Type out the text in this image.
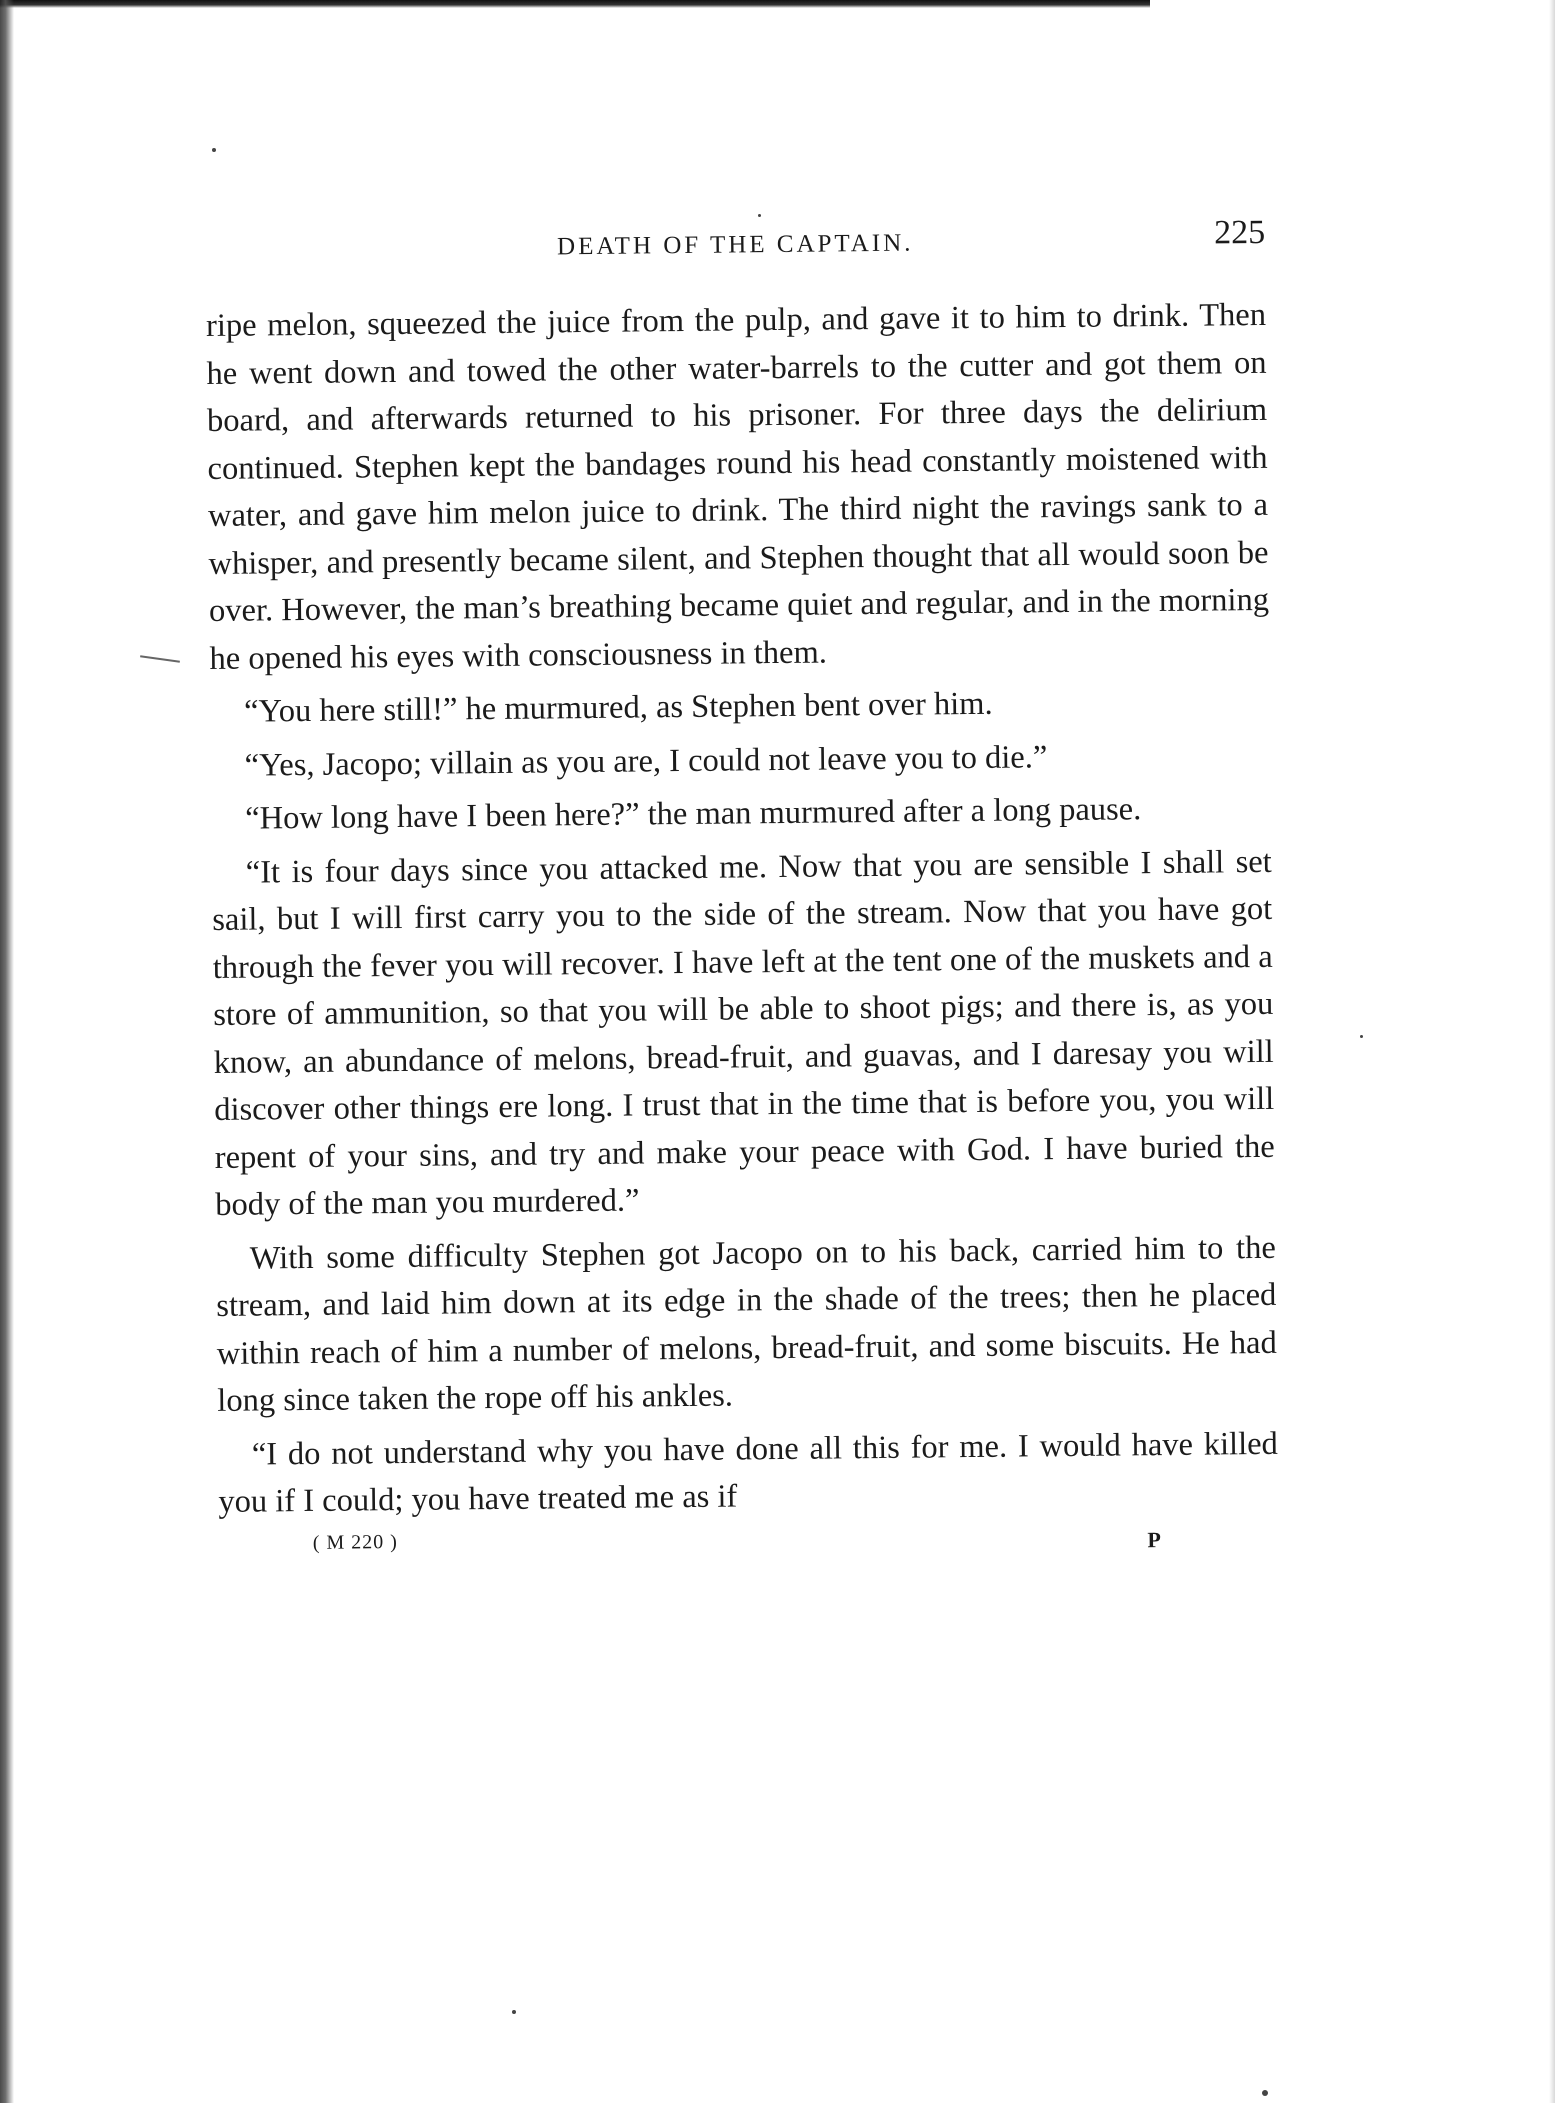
DEATH OF THE CAPTAIN.	225

ripe melon, squeezed the juice from the pulp, and gave it to him to drink. Then he went down and towed the other water-barrels to the cutter and got them on board, and afterwards returned to his prisoner. For three days the delirium continued. Stephen kept the bandages round his head constantly moistened with water, and gave him melon juice to drink. The third night the ravings sank to a whisper, and presently became silent, and Stephen thought that all would soon be over. However, the man’s breathing became quiet and regular, and in the morning he opened his eyes with consciousness in them.

“You here still!” he murmured, as Stephen bent over him.

“Yes, Jacopo; villain as you are, I could not leave you to die.”

“How long have I been here?” the man murmured after a long pause.

“It is four days since you attacked me. Now that you are sensible I shall set sail, but I will first carry you to the side of the stream. Now that you have got through the fever you will recover. I have left at the tent one of the muskets and a store of ammunition, so that you will be able to shoot pigs; and there is, as you know, an abundance of melons, bread-fruit, and guavas, and I daresay you will discover other things ere long. I trust that in the time that is before you, you will repent of your sins, and try and make your peace with God. I have buried the body of the man you murdered.”

With some difficulty Stephen got Jacopo on to his back, carried him to the stream, and laid him down at its edge in the shade of the trees; then he placed within reach of him a number of melons, bread-fruit, and some biscuits. He had long since taken the rope off his ankles.

“I do not understand why you have done all this for me. I would have killed you if I could; you have treated me as if

( M 220 )	P
